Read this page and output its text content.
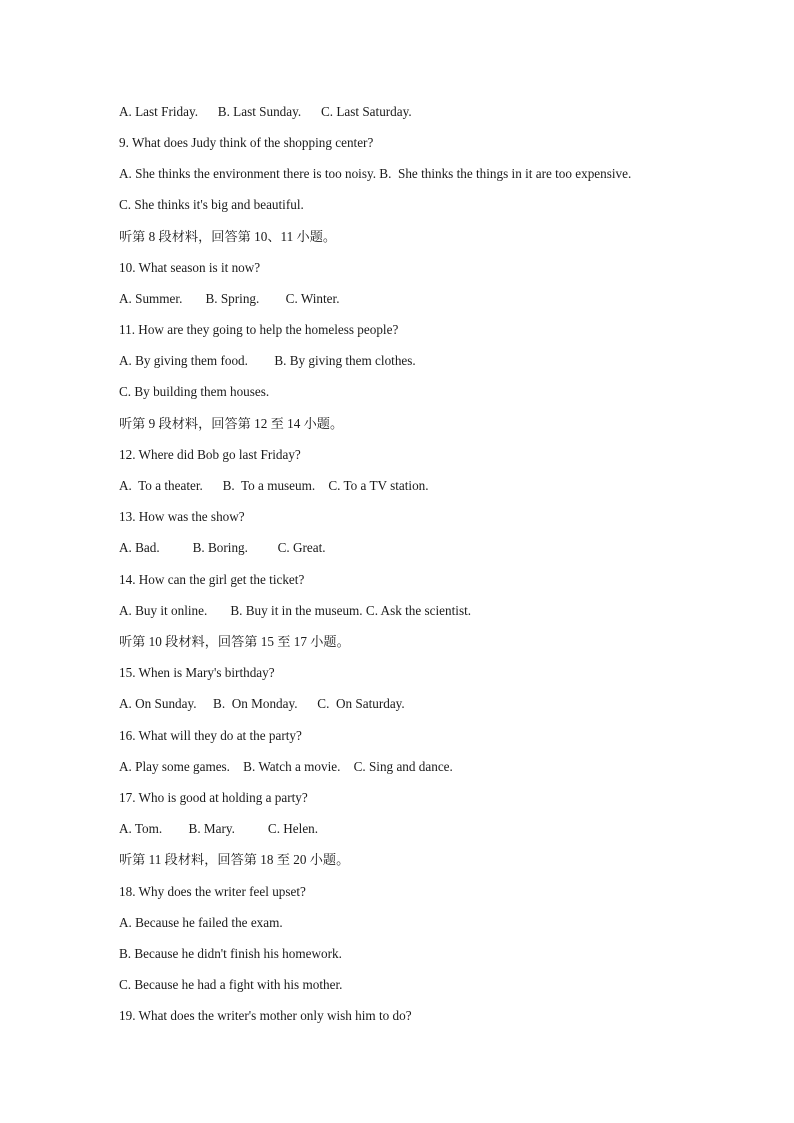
A. Last Friday.      B. Last Sunday.      C. Last Saturday.
9. What does Judy think of the shopping center?
A. She thinks the environment there is too noisy. B.  She thinks the things in it are too expensive.
C. She thinks it's big and beautiful.
听第 8 段材料，回答第 10、11 小题。
10. What season is it now?
A. Summer.       B. Spring.        C. Winter.
11. How are they going to help the homeless people?
A. By giving them food.        B. By giving them clothes.
C. By building them houses.
听第 9 段材料，回答第 12 至 14 小题。
12. Where did Bob go last Friday?
A.  To a theater.      B.  To a museum.    C. To a TV station.
13. How was the show?
A. Bad.          B. Boring.         C. Great.
14. How can the girl get the ticket?
A. Buy it online.       B. Buy it in the museum. C. Ask the scientist.
听第 10 段材料，回答第 15 至 17 小题。
15. When is Mary's birthday?
A. On Sunday.     B.  On Monday.      C.  On Saturday.
16. What will they do at the party?
A. Play some games.    B. Watch a movie.    C. Sing and dance.
17. Who is good at holding a party?
A. Tom.        B. Mary.          C. Helen.
听第 11 段材料，回答第 18 至 20 小题。
18. Why does the writer feel upset?
A. Because he failed the exam.
B. Because he didn't finish his homework.
C. Because he had a fight with his mother.
19. What does the writer's mother only wish him to do?
